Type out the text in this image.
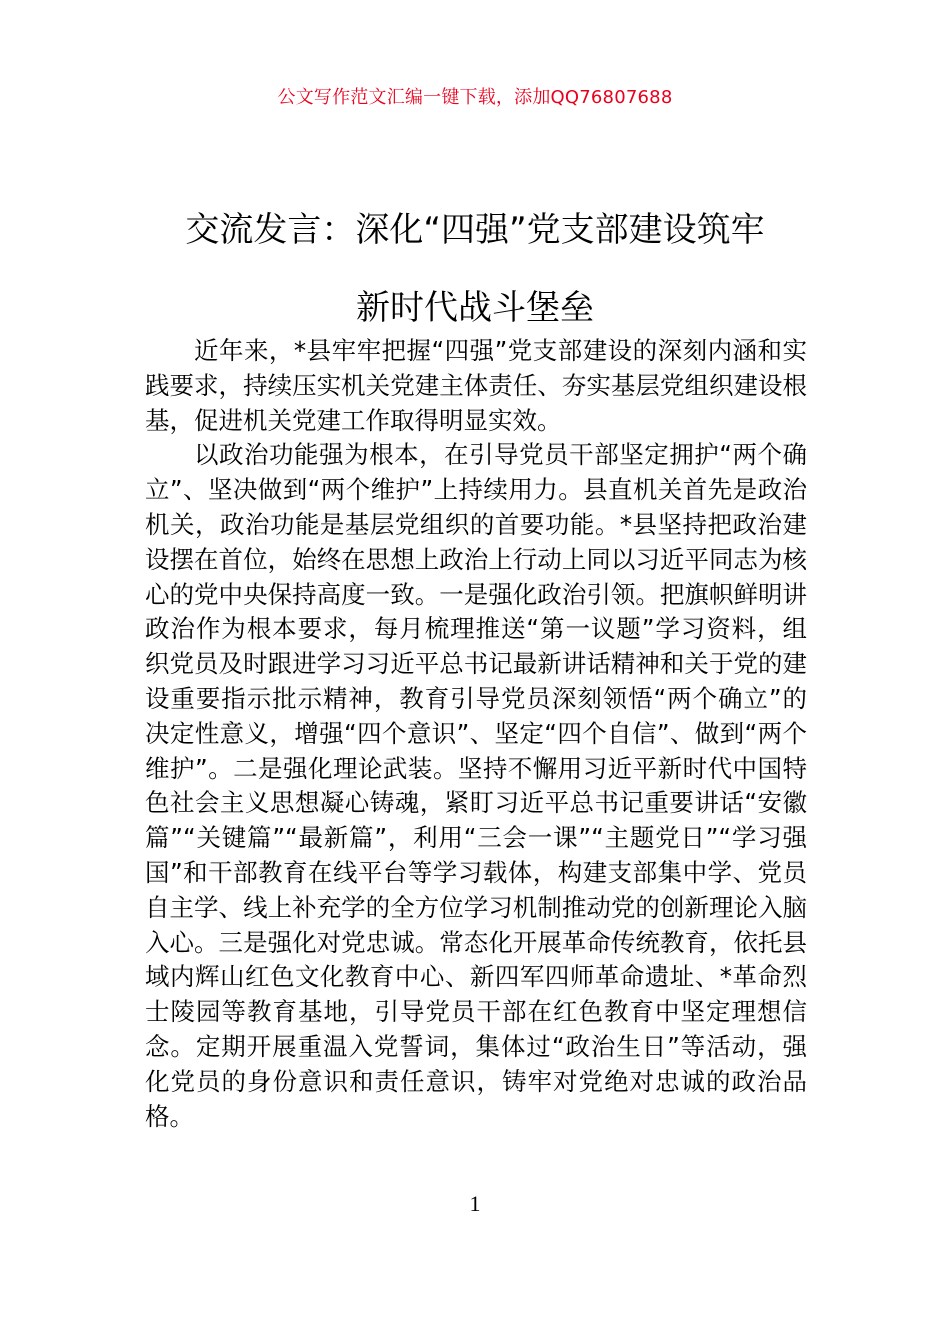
公文写作范文汇编一键下载，添加QQ76807688
交流发言：深化“四强”党支部建设筑牢
新时代战斗堡垒

近年来，*县牢牢把握“四强”党支部建设的深刻内涵和实践要求，持续压实机关党建主体责任、夯实基层党组织建设根基，促进机关党建工作取得明显实效。

以政治功能强为根本，在引导党员干部坚定拥护“两个确立”、坚决做到“两个维护”上持续用力。县直机关首先是政治机关，政治功能是基层党组织的首要功能。*县坚持把政治建设摆在首位，始终在思想上政治上行动上同以习近平同志为核心的党中央保持高度一致。一是强化政治引领。把旗帜鲜明讲政治作为根本要求，每月梳理推送“第一议题”学习资料，组织党员及时跟进学习习近平总书记最新讲话精神和关于党的建设重要指示批示精神，教育引导党员深刻领悟“两个确立”的决定性意义，增强“四个意识”、坚定“四个自信”、做到“两个维护”。二是强化理论武装。坚持不懈用习近平新时代中国特色社会主义思想凝心铸魂，紧盯习近平总书记重要讲话“安徽篇”“关键篇”“最新篇”，利用“三会一课”“主题党日”“学习强国”和干部教育在线平台等学习载体，构建支部集中学、党员自主学、线上补充学的全方位学习机制推动党的创新理论入脑入心。三是强化对党忠诚。常态化开展革命传统教育，依托县域内辉山红色文化教育中心、新四军四师革命遗址、*革命烈士陵园等教育基地，引导党员干部在红色教育中坚定理想信念。定期开展重温入党誓词，集体过“政治生日”等活动，强化党员的身份意识和责任意识，铸牢对党绝对忠诚的政治品格。

1
